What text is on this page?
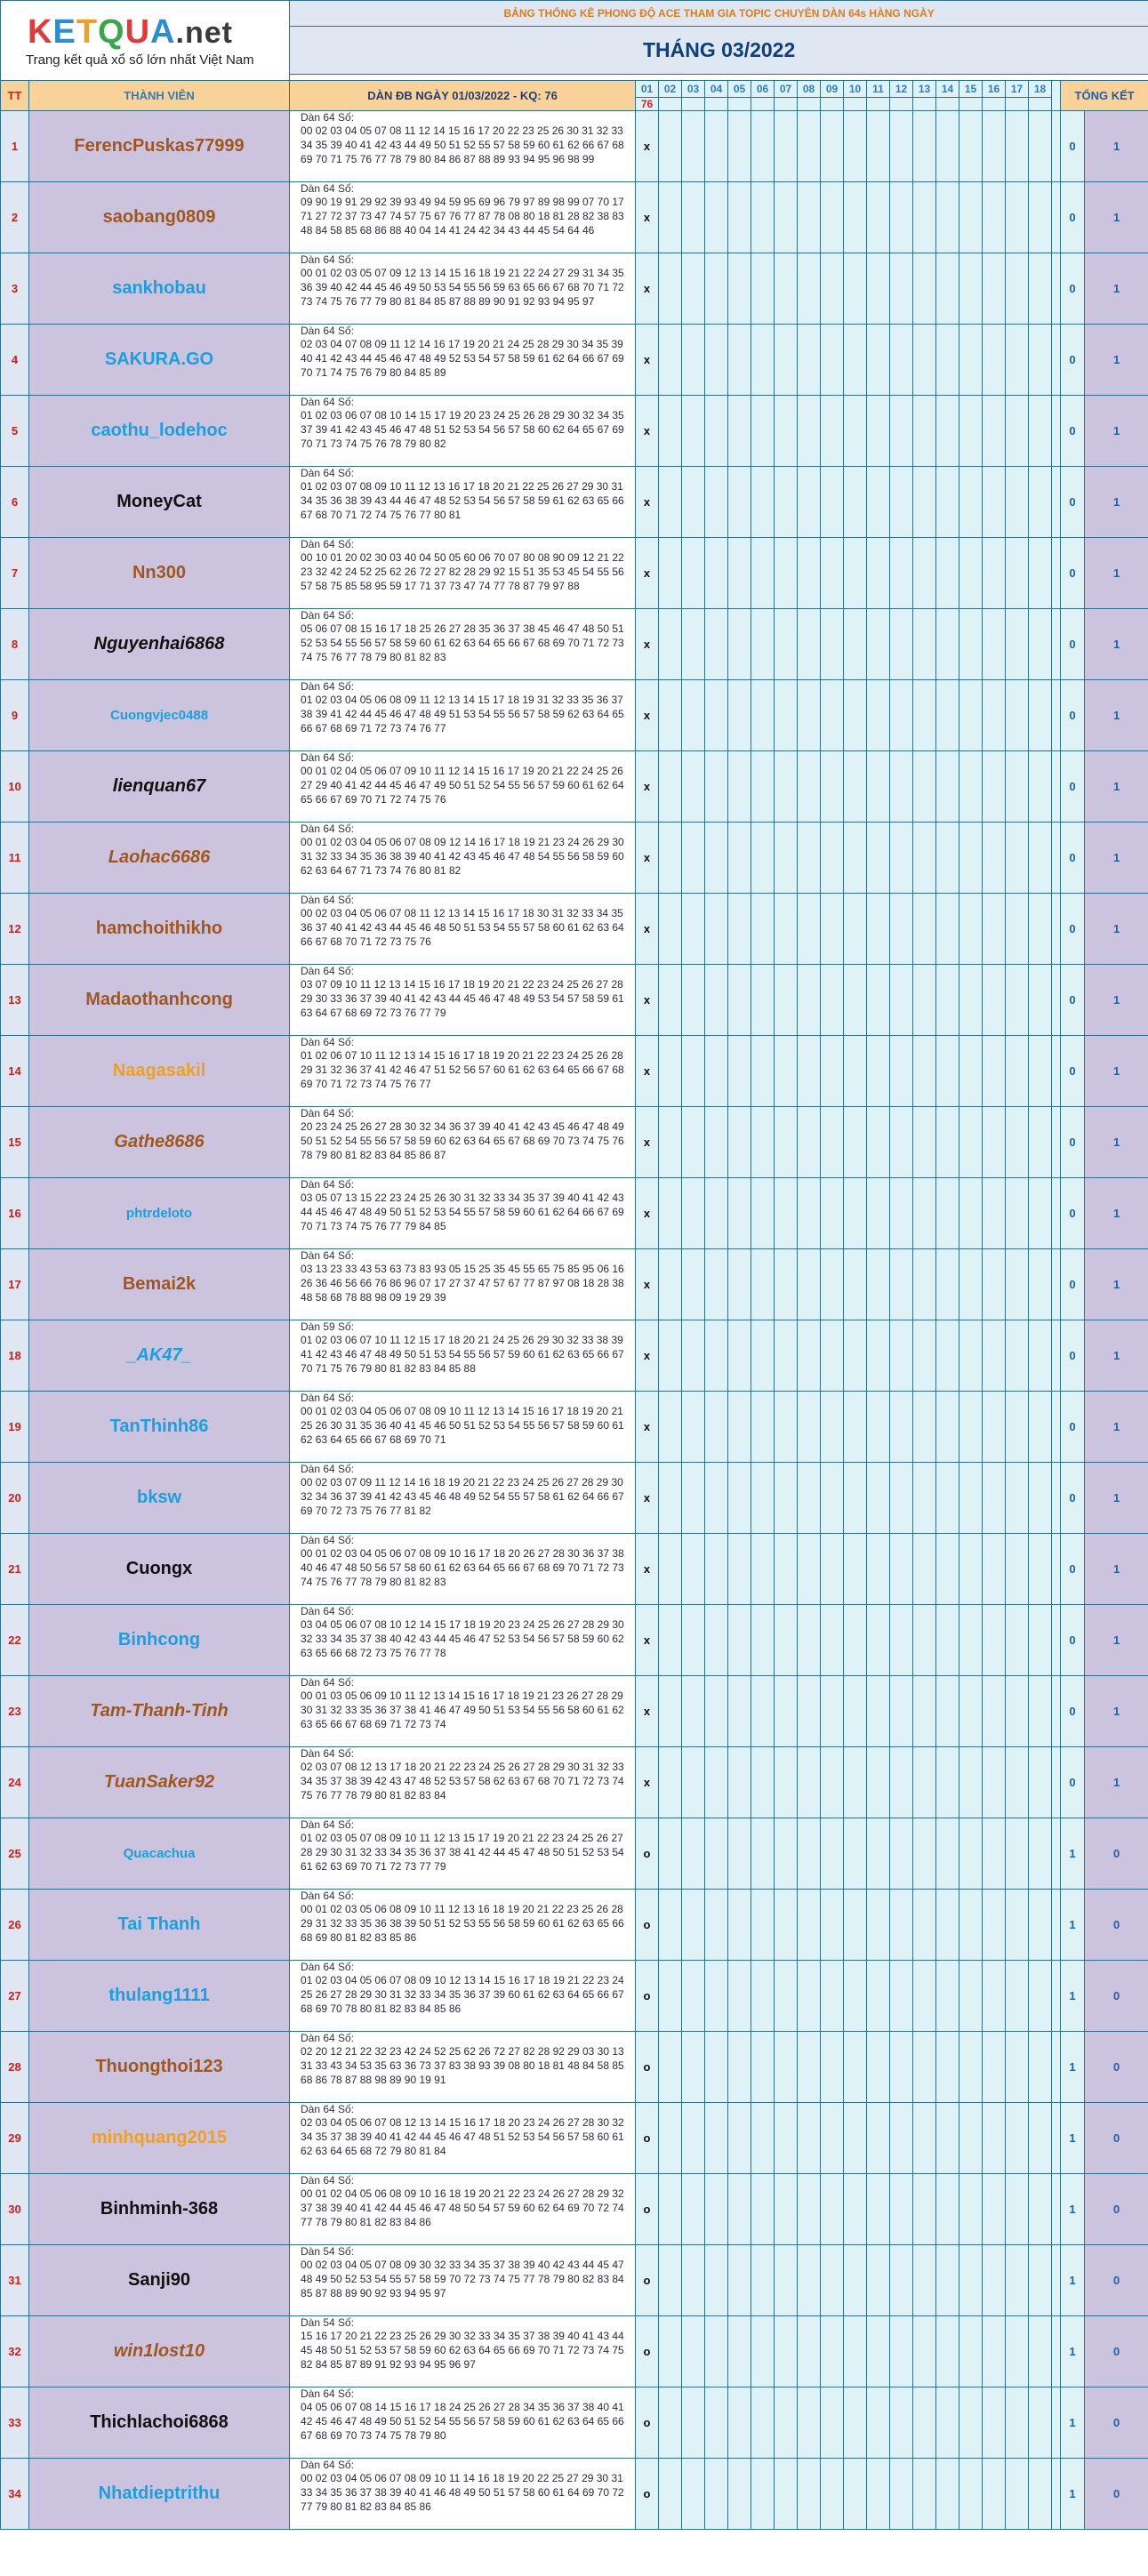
KETQUA.net
Trang kết quả xổ số lớn nhất Việt Nam		BẢNG THỐNG KÊ PHONG ĐỘ ACE THAM GIA TOPIC CHUYÊN DÀN 64s HÀNG NGÀY																					
		THÁNG 03/2022																					

TT	THÀNH VIÊN	DÀN ĐB NGÀY 01/03/2022 - KQ: 76	01	02	03	04	05	06	07	08	09	10	11	12	13	14	15	16	17	18		TỔNG KẾT	
			76																				
1	FerencPuskas77999	Dàn 64 Số:
00 02 03 04 05 07 08 11 12 14 15 16 17 20 22 23 25 26 30 31 32 33 34 35 39 40 41 42 43 44 49 50 51 52 55 57 58 59 60 61 62 66 67 68 69 70 71 75 76 77 78 79 80 84 86 87 88 89 93 94 95 96 98 99	x																			0	1
2	saobang0809	Dàn 64 Số:
09 90 19 91 29 92 39 93 49 94 59 95 69 96 79 97 89 98 99 07 70 17 71 27 72 37 73 47 74 57 75 67 76 77 87 78 08 80 18 81 28 82 38 83 48 84 58 85 68 86 88 40 04 14 41 24 42 34 43 44 45 54 64 46	x																			0	1
3	sankhobau	Dàn 64 Số:
00 01 02 03 05 07 09 12 13 14 15 16 18 19 21 22 24 27 29 31 34 35 36 39 40 42 44 45 46 49 50 53 54 55 56 59 63 65 66 67 68 70 71 72 73 74 75 76 77 79 80 81 84 85 87 88 89 90 91 92 93 94 95 97	x																			0	1
4	SAKURA.GO	Dàn 64 Số:
02 03 04 07 08 09 11 12 14 16 17 19 20 21 24 25 28 29 30 34 35 39 40 41 42 43 44 45 46 47 48 49 52 53 54 57 58 59 61 62 64 66 67 69 70 71 74 75 76 79 80 84 85 89	x																			0	1
5	caothu_lodehoc	Dàn 64 Số:
01 02 03 06 07 08 10 14 15 17 19 20 23 24 25 26 28 29 30 32 34 35 37 39 41 42 43 45 46 47 48 51 52 53 54 56 57 58 60 62 64 65 67 69 70 71 73 74 75 76 78 79 80 82	x																			0	1
6	MoneyCat	Dàn 64 Số:
01 02 03 07 08 09 10 11 12 13 16 17 18 20 21 22 25 26 27 29 30 31 34 35 36 38 39 43 44 46 47 48 52 53 54 56 57 58 59 61 62 63 65 66 67 68 70 71 72 74 75 76 77 80 81	x																			0	1
7	Nn300	Dàn 64 Số:
00 10 01 20 02 30 03 40 04 50 05 60 06 70 07 80 08 90 09 12 21 22 23 32 42 24 52 25 62 26 72 27 82 28 29 92 15 51 35 53 45 54 55 56 57 58 75 85 58 95 59 17 71 37 73 47 74 77 78 87 79 97 88	x																			0	1
8	Nguyenhai6868	Dàn 64 Số:
05 06 07 08 15 16 17 18 25 26 27 28 35 36 37 38 45 46 47 48 50 51 52 53 54 55 56 57 58 59 60 61 62 63 64 65 66 67 68 69 70 71 72 73 74 75 76 77 78 79 80 81 82 83	x																			0	1
9	Cuongvjec0488	Dàn 64 Số:
01 02 03 04 05 06 08 09 11 12 13 14 15 17 18 19 31 32 33 35 36 37 38 39 41 42 44 45 46 47 48 49 51 53 54 55 56 57 58 59 62 63 64 65 66 67 68 69 71 72 73 74 76 77	x																			0	1
10	lienquan67	Dàn 64 Số:
00 01 02 04 05 06 07 09 10 11 12 14 15 16 17 19 20 21 22 24 25 26 27 29 40 41 42 44 45 46 47 49 50 51 52 54 55 56 57 59 60 61 62 64 65 66 67 69 70 71 72 74 75 76	x																			0	1
11	Laohac6686	Dàn 64 Số:
00 01 02 03 04 05 06 07 08 09 12 14 16 17 18 19 21 23 24 26 29 30 31 32 33 34 35 36 38 39 40 41 42 43 45 46 47 48 54 55 56 58 59 60 62 63 64 67 71 73 74 76 80 81 82	x																			0	1
12	hamchoithikho	Dàn 64 Số:
00 02 03 04 05 06 07 08 11 12 13 14 15 16 17 18 30 31 32 33 34 35 36 37 40 41 42 43 44 45 46 48 50 51 53 54 55 57 58 60 61 62 63 64 66 67 68 70 71 72 73 75 76	x																			0	1
13	Madaothanhcong	Dàn 64 Số:
03 07 09 10 11 12 13 14 15 16 17 18 19 20 21 22 23 24 25 26 27 28 29 30 33 36 37 39 40 41 42 43 44 45 46 47 48 49 53 54 57 58 59 61 63 64 67 68 69 72 73 76 77 79	x																			0	1
14	Naagasakil	Dàn 64 Số:
01 02 06 07 10 11 12 13 14 15 16 17 18 19 20 21 22 23 24 25 26 28 29 31 32 36 37 41 42 46 47 51 52 56 57 60 61 62 63 64 65 66 67 68 69 70 71 72 73 74 75 76 77	x																			0	1
15	Gathe8686	Dàn 64 Số:
20 23 24 25 26 27 28 30 32 34 36 37 39 40 41 42 43 45 46 47 48 49 50 51 52 54 55 56 57 58 59 60 62 63 64 65 67 68 69 70 73 74 75 76 78 79 80 81 82 83 84 85 86 87	x																			0	1
16	phtrdeloto	Dàn 64 Số:
03 05 07 13 15 22 23 24 25 26 30 31 32 33 34 35 37 39 40 41 42 43 44 45 46 47 48 49 50 51 52 53 54 55 57 58 59 60 61 62 64 66 67 69 70 71 73 74 75 76 77 79 84 85	x																			0	1
17	Bemai2k	Dàn 64 Số:
03 13 23 33 43 53 63 73 83 93 05 15 25 35 45 55 65 75 85 95 06 16 26 36 46 56 66 76 86 96 07 17 27 37 47 57 67 77 87 97 08 18 28 38 48 58 68 78 88 98 09 19 29 39	x																			0	1
18	_AK47_	Dàn 59 Số:
01 02 03 06 07 10 11 12 15 17 18 20 21 24 25 26 29 30 32 33 38 39 41 42 43 46 47 48 49 50 51 53 54 55 56 57 59 60 61 62 63 65 66 67 70 71 75 76 79 80 81 82 83 84 85 88	x																			0	1
19	TanThinh86	Dàn 64 Số:
00 01 02 03 04 05 06 07 08 09 10 11 12 13 14 15 16 17 18 19 20 21 25 26 30 31 35 36 40 41 45 46 50 51 52 53 54 55 56 57 58 59 60 61 62 63 64 65 66 67 68 69 70 71	x																			0	1
20	bksw	Dàn 64 Số:
00 02 03 07 09 11 12 14 16 18 19 20 21 22 23 24 25 26 27 28 29 30 32 34 36 37 39 41 42 43 45 46 48 49 52 54 55 57 58 61 62 64 66 67 69 70 72 73 75 76 77 81 82	x																			0	1
21	Cuongx	Dàn 64 Số:
00 01 02 03 04 05 06 07 08 09 10 16 17 18 20 26 27 28 30 36 37 38 40 46 47 48 50 56 57 58 60 61 62 63 64 65 66 67 68 69 70 71 72 73 74 75 76 77 78 79 80 81 82 83	x																			0	1
22	Binhcong	Dàn 64 Số:
03 04 05 06 07 08 10 12 14 15 17 18 19 20 23 24 25 26 27 28 29 30 32 33 34 35 37 38 40 42 43 44 45 46 47 52 53 54 56 57 58 59 60 62 63 65 66 68 72 73 75 76 77 78	x																			0	1
23	Tam-Thanh-Tinh	Dàn 64 Số:
00 01 03 05 06 09 10 11 12 13 14 15 16 17 18 19 21 23 26 27 28 29 30 31 32 33 35 36 37 38 41 46 47 49 50 51 53 54 55 56 58 60 61 62 63 65 66 67 68 69 71 72 73 74	x																			0	1
24	TuanSaker92	Dàn 64 Số:
02 03 07 08 12 13 17 18 20 21 22 23 24 25 26 27 28 29 30 31 32 33 34 35 37 38 39 42 43 47 48 52 53 57 58 62 63 67 68 70 71 72 73 74 75 76 77 78 79 80 81 82 83 84	x																			0	1
25	Quacachua	Dàn 64 Số:
01 02 03 05 07 08 09 10 11 12 13 15 17 19 20 21 22 23 24 25 26 27 28 29 30 31 32 33 34 35 36 37 38 41 42 44 45 47 48 50 51 52 53 54 61 62 63 69 70 71 72 73 77 79	o																			1	0
26	Tai Thanh	Dàn 64 Số:
00 01 02 03 05 06 08 09 10 11 12 13 16 18 19 20 21 22 23 25 26 28 29 31 32 33 35 36 38 39 50 51 52 53 55 56 58 59 60 61 62 63 65 66 68 69 80 81 82 83 85 86	o																			1	0
27	thulang1111	Dàn 64 Số:
01 02 03 04 05 06 07 08 09 10 12 13 14 15 16 17 18 19 21 22 23 24 25 26 27 28 29 30 31 32 33 34 35 36 37 39 60 61 62 63 64 65 66 67 68 69 70 78 80 81 82 83 84 85 86	o																			1	0
28	Thuongthoi123	Dàn 64 Số:
02 20 12 21 22 32 23 42 24 52 25 62 26 72 27 82 28 92 29 03 30 13 31 33 43 34 53 35 63 36 73 37 83 38 93 39 08 80 18 81 48 84 58 85 68 86 78 87 88 98 89 90 19 91	o																			1	0
29	minhquang2015	Dàn 64 Số:
02 03 04 05 06 07 08 12 13 14 15 16 17 18 20 23 24 26 27 28 30 32 34 35 37 38 39 40 41 42 44 45 46 47 48 51 52 53 54 56 57 58 60 61 62 63 64 65 68 72 79 80 81 84	o																			1	0
30	Binhminh-368	Dàn 64 Số:
00 01 02 04 05 06 08 09 10 16 18 19 20 21 22 23 24 26 27 28 29 32 37 38 39 40 41 42 44 45 46 47 48 50 54 57 59 60 62 64 69 70 72 74 77 78 79 80 81 82 83 84 86	o																			1	0
31	Sanji90	Dàn 54 Số:
00 02 03 04 05 07 08 09 30 32 33 34 35 37 38 39 40 42 43 44 45 47 48 49 50 52 53 54 55 57 58 59 70 72 73 74 75 77 78 79 80 82 83 84 85 87 88 89 90 92 93 94 95 97	o																			1	0
32	win1lost10	Dàn 54 Số:
15 16 17 20 21 22 23 25 26 29 30 32 33 34 35 37 38 39 40 41 43 44 45 48 50 51 52 53 57 58 59 60 62 63 64 65 66 69 70 71 72 73 74 75 82 84 85 87 89 91 92 93 94 95 96 97	o																			1	0
33	Thichlachoi6868	Dàn 64 Số:
04 05 06 07 08 14 15 16 17 18 24 25 26 27 28 34 35 36 37 38 40 41 42 45 46 47 48 49 50 51 52 54 55 56 57 58 59 60 61 62 63 64 65 66 67 68 69 70 73 74 75 78 79 80	o																			1	0
34	Nhatdieptrithu	Dàn 64 Số:
00 02 03 04 05 06 07 08 09 10 11 14 16 18 19 20 22 25 27 29 30 31 33 34 35 36 37 38 39 40 41 46 48 49 50 51 57 58 60 61 64 69 70 72 77 79 80 81 82 83 84 85 86	o																			1	0
